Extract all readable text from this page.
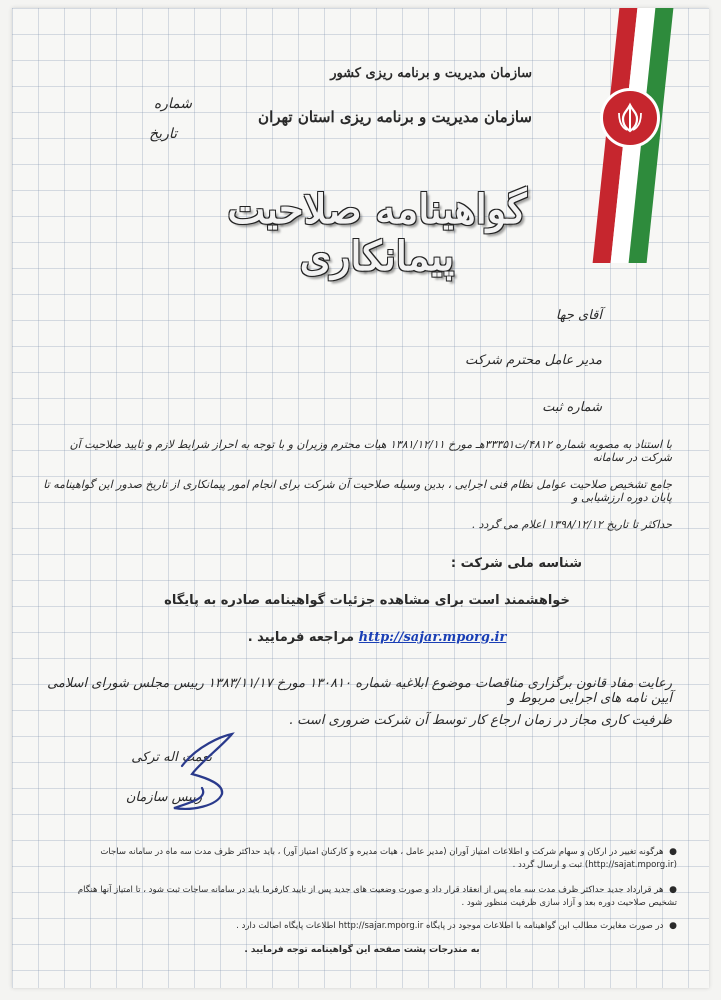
سازمان مدیریت و برنامه ریزی کشور
سازمان مدیریت و برنامه ریزی استان تهران
شماره
تاریخ
گواهینامه صلاحیت پیمانکاری
آقای جها
مدیر عامل محترم شرکت
شماره ثبت
با استناد به مصوبه شماره ۴۸۱۲/ت۳۳۳۵۱هـ مورخ ۱۳۸۱/۱۲/۱۱ هیات محترم وزیران و با توجه به احراز شرایط لازم و تایید صلاحیت آن شرکت در سامانه
جامع تشخیص صلاحیت عوامل نظام فنی اجرایی ، بدین وسیله صلاحیت آن شرکت برای انجام امور پیمانکاری از تاریخ صدور این گواهینامه تا پایان دوره ارزشیابی و
حداکثر تا تاریخ ۱۳۹۸/۱۲/۱۲ اعلام می گردد .
شناسه ملی شرکت :
خواهشمند است برای مشاهده جزئیات گواهینامه صادره به پایگاه
http://sajar.mporg.ir مراجعه فرمایید .
رعایت مفاد قانون برگزاری مناقصات موضوع ابلاغیه شماره ۱۳۰۸۱۰ مورخ ۱۳۸۳/۱۱/۱۷ رییس مجلس شورای اسلامی آیین نامه های اجرایی مربوط و
ظرفیت کاری مجاز در زمان ارجاع کار توسط آن شرکت ضروری است .
نعمت اله ترکی
رییس سازمان
● هرگونه تغییر در ارکان و سهام شرکت و اطلاعات امتیاز آوران (مدیر عامل ، هیات مدیره و کارکنان امتیاز آور) ، باید حداکثر ظرف مدت سه ماه در سامانه ساجات (http://sajat.mporg.ir) ثبت و ارسال گردد .
● هر قرارداد جدید حداکثر ظرف مدت سه ماه پس از انعقاد قرار داد و صورت وضعیت های جدید پس از تایید کارفرما باید در سامانه ساجات ثبت شود ، تا امتیاز آنها هنگام تشخیص صلاحیت دوره بعد و آزاد سازی ظرفیت منظور شود .
● در صورت مغایرت مطالب این گواهینامه با اطلاعات موجود در پایگاه http://sajar.mporg.ir اطلاعات پایگاه اصالت دارد .
به مندرجات پشت صفحه این گواهینامه توجه فرمایید .
